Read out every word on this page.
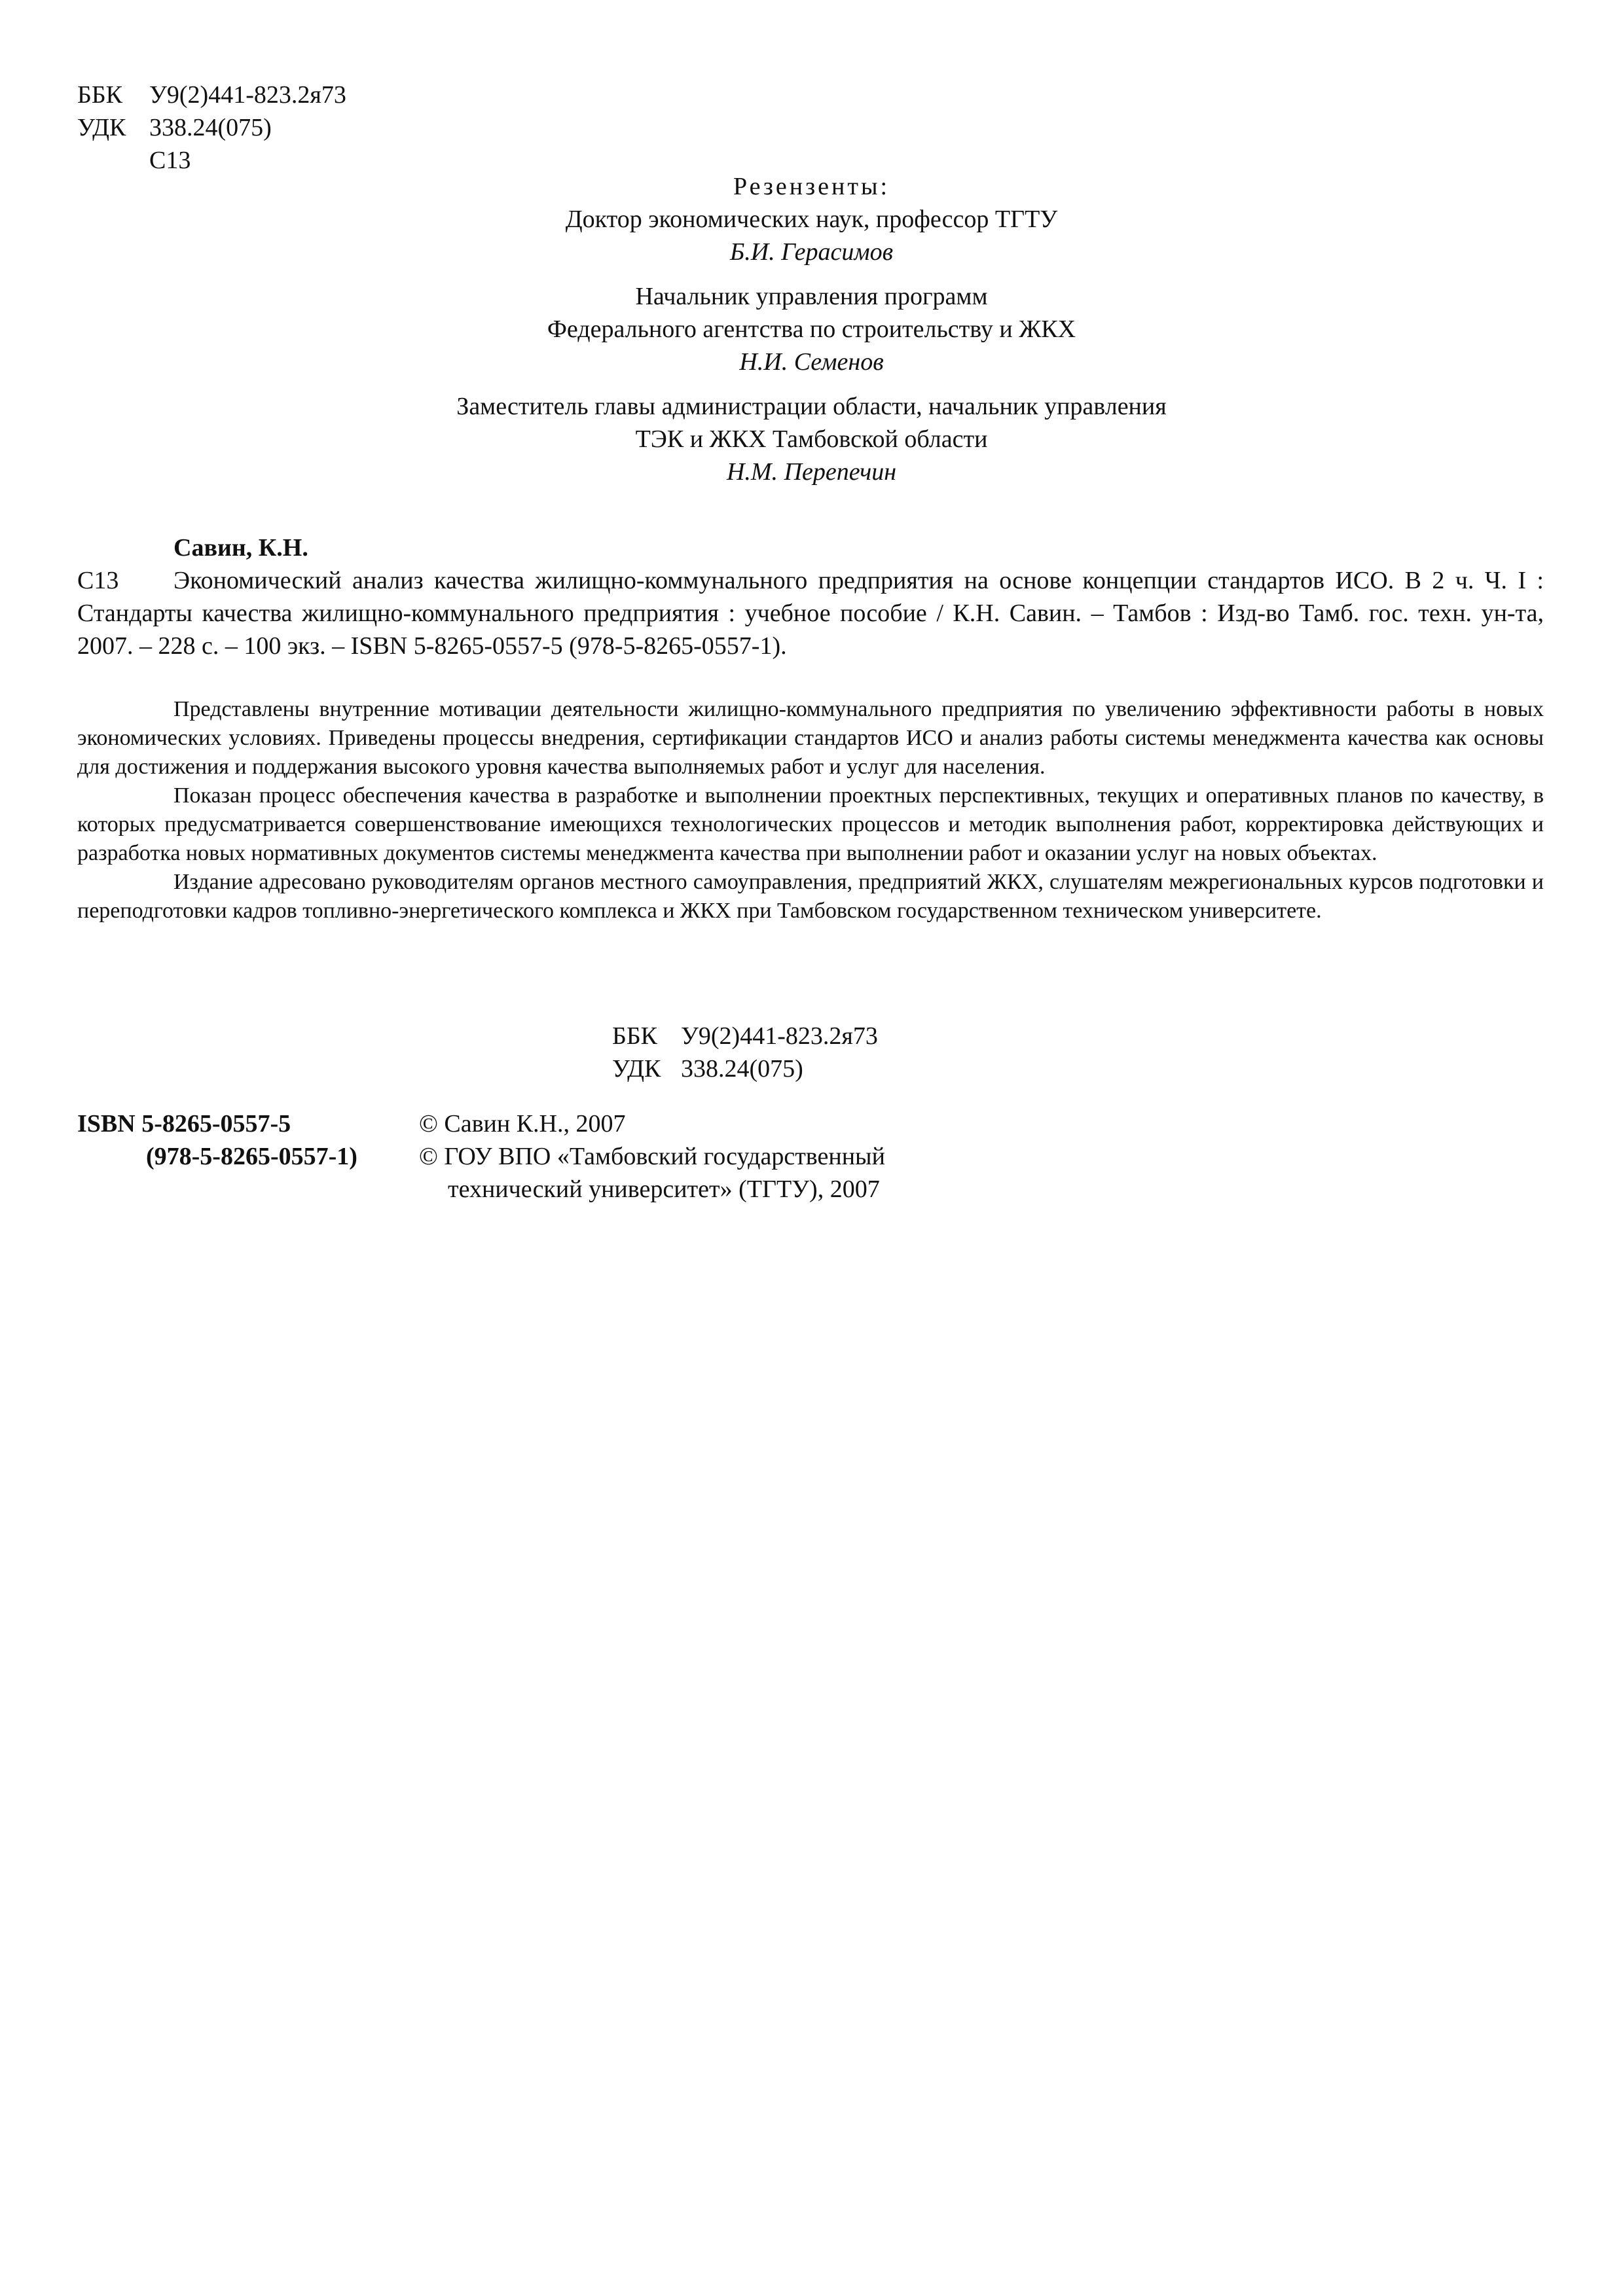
ББК У9(2)441-823.2я73
УДК 338.24(075)
С13
Резензенты:
Доктор экономических наук, профессор ТГТУ
Б.И. Герасимов
Начальник управления программ
Федерального агентства по строительству и ЖКХ
Н.И. Семенов
Заместитель главы администрации области, начальник управления
ТЭК и ЖКХ Тамбовской области
Н.М. Перепечин
Савин, К.Н.
С13	Экономический анализ качества жилищно-коммунального предприятия на основе концепции стандартов ИСО. В 2 ч. Ч. I : Стандарты качества жилищно-коммунального предприятия : учебное пособие / К.Н. Савин. – Тамбов : Изд-во Тамб. гос. техн. ун-та, 2007. – 228 с. – 100 экз. – ISBN 5-8265-0557-5 (978-5-8265-0557-1).

Представлены внутренние мотивации деятельности жилищно-коммунального предприятия по увеличению эффективности работы в новых экономических условиях. Приведены процессы внедрения, сертификации стандартов ИСО и анализ работы системы менеджмента качества как основы для достижения и поддержания высокого уровня качества выполняемых работ и услуг для населения.

Показан процесс обеспечения качества в разработке и выполнении проектных перспективных, текущих и оперативных планов по качеству, в которых предусматривается совершенствование имеющихся технологических процессов и методик выполнения работ, корректировка действующих и разработка новых нормативных документов системы менеджмента качества при выполнении работ и оказании услуг на новых объектах.

Издание адресовано руководителям органов местного самоуправления, предприятий ЖКХ, слушателям межрегиональных курсов подготовки и переподготовки кадров топливно-энергетического комплекса и ЖКХ при Тамбовском государственном техническом университете.

ББК У9(2)441-823.2я73
УДК 338.24(075)
ISBN 5-8265-0557-5
(978-5-8265-0557-1)
© Савин К.Н., 2007
© ГОУ ВПО «Тамбовский государственный
технический университет» (ТГТУ), 2007
